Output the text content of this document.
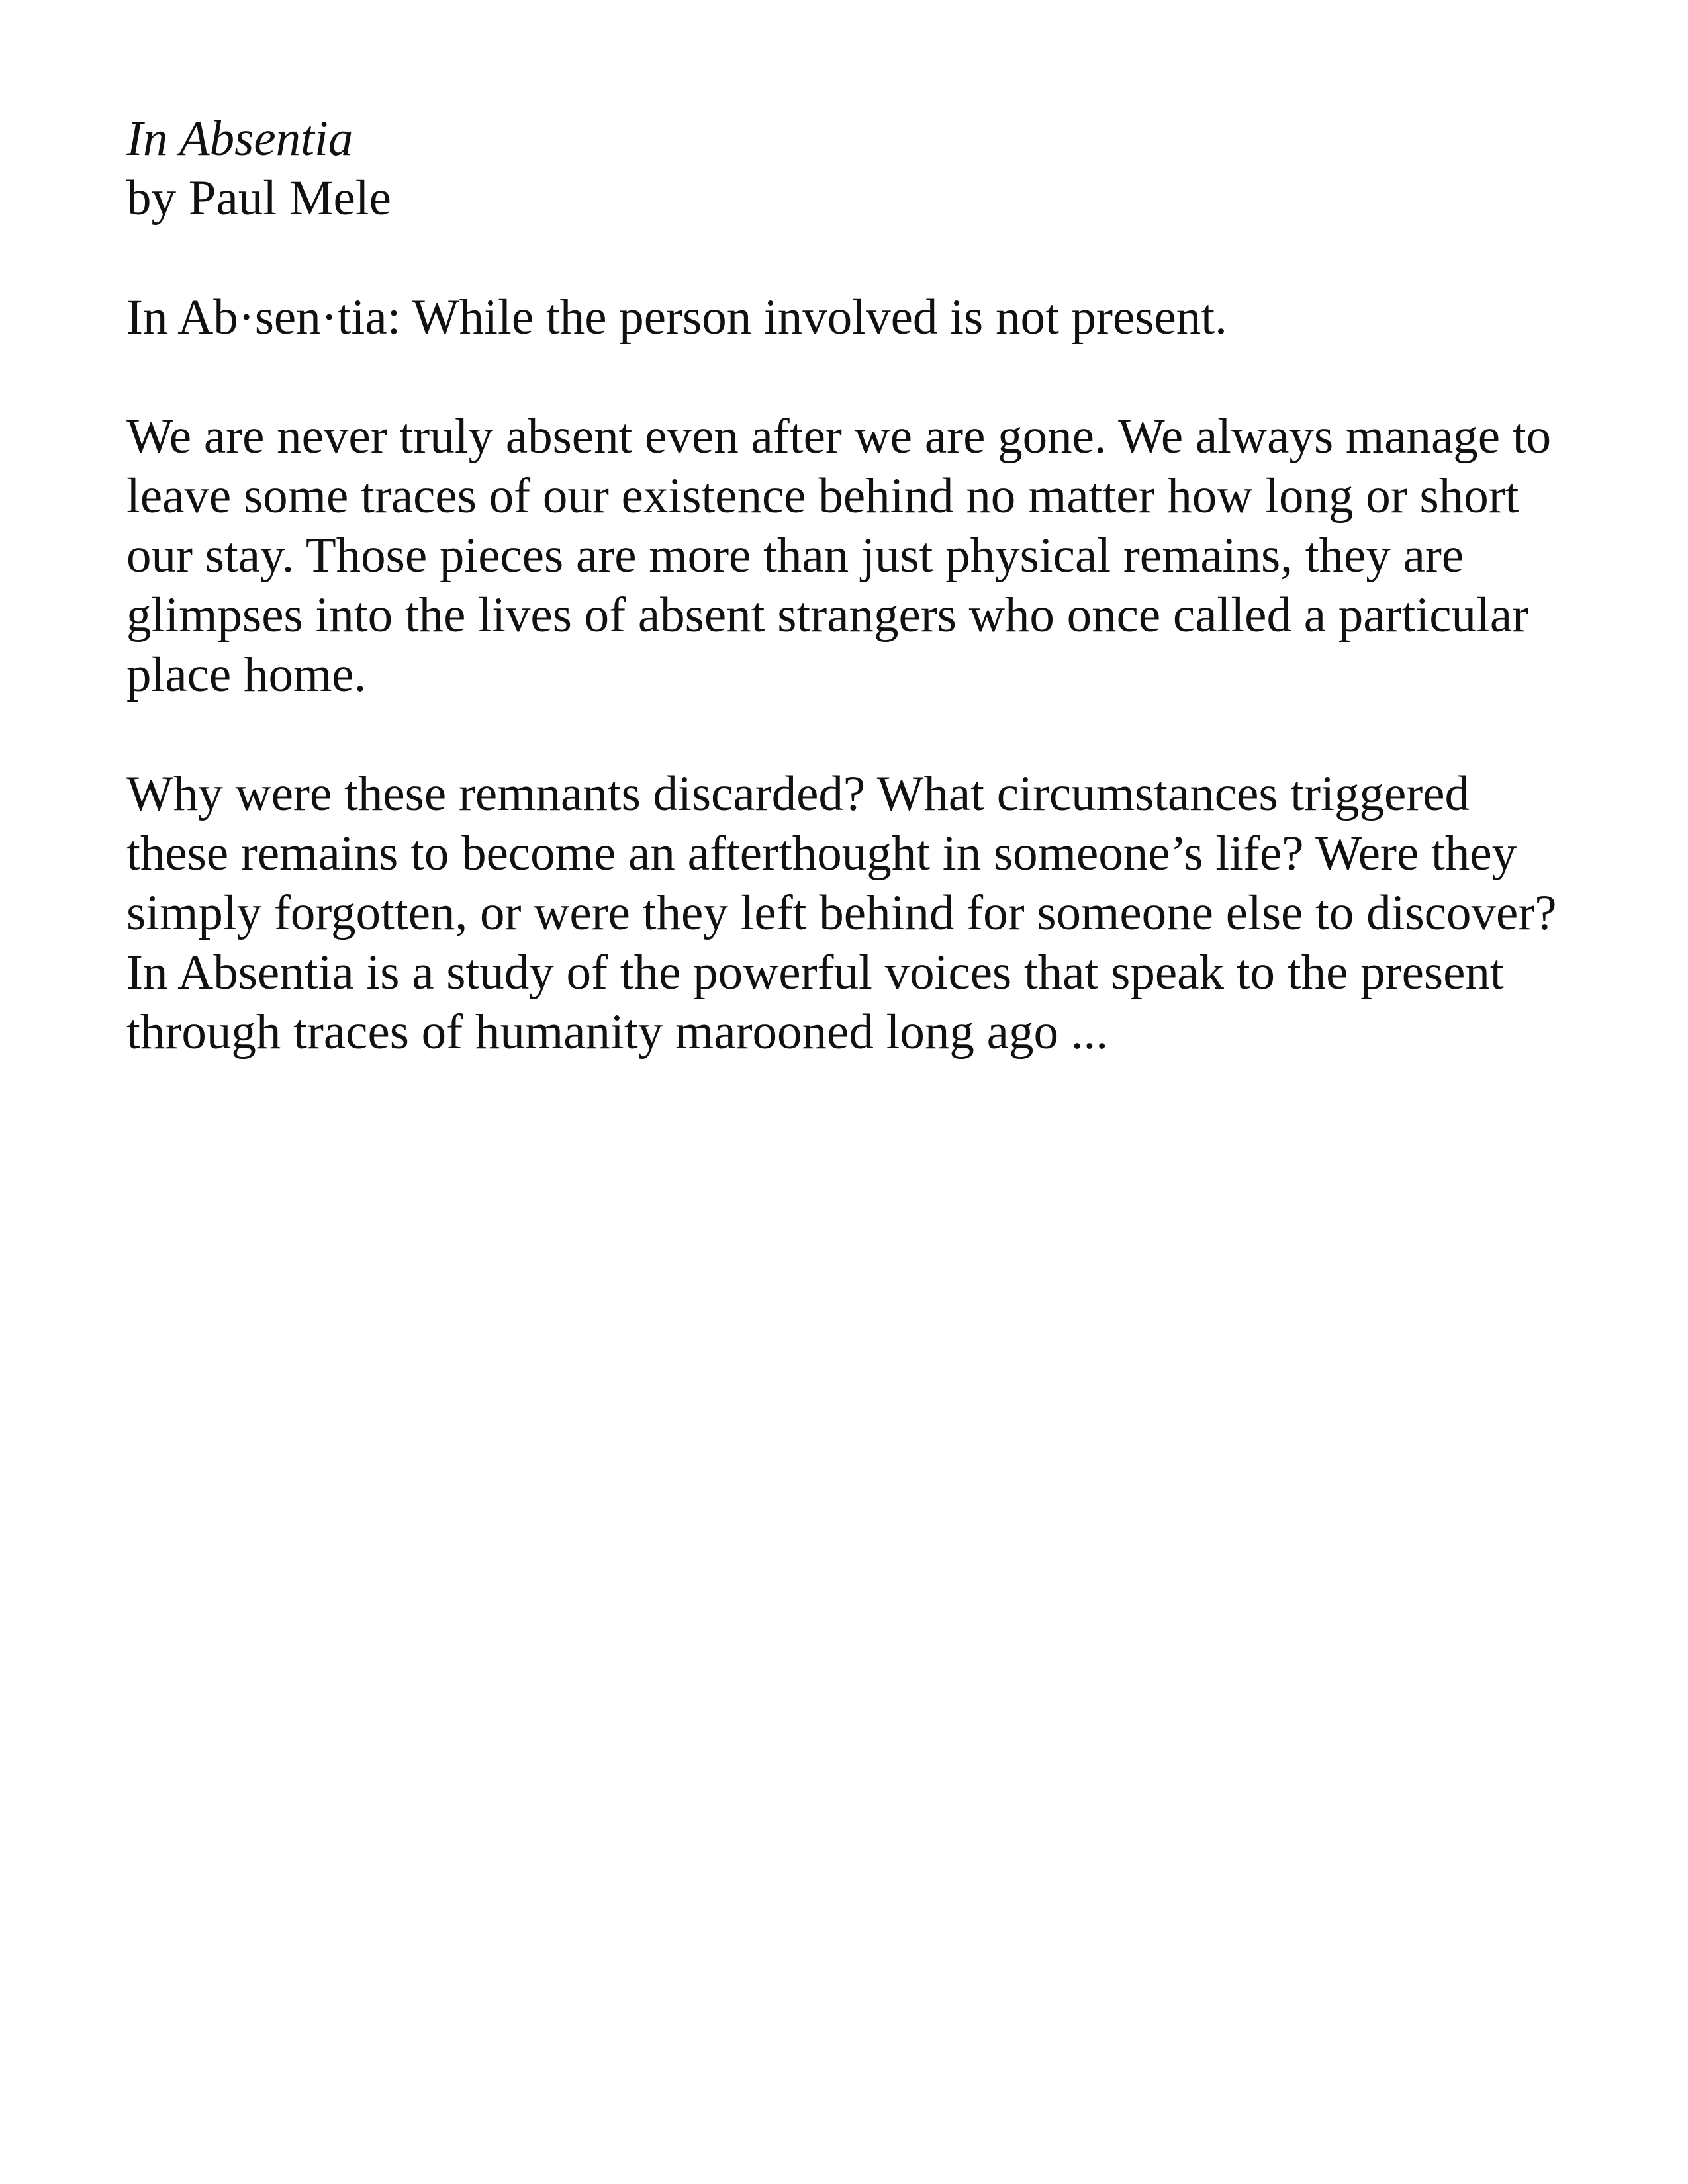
In Absentia

by Paul Mele

In Ab·sen·tia: While the person involved is not present.

We are never truly absent even after we are gone. We always manage to
leave some traces of our existence behind no matter how long or short
our stay. Those pieces are more than just physical remains, they are
glimpses into the lives of absent strangers who once called a particular
place home.

Why were these remnants discarded? What circumstances triggered
these remains to become an afterthought in someone’s life? Were they
simply forgotten, or were they left behind for someone else to discover?
In Absentia is a study of the powerful voices that speak to the present
through traces of humanity marooned long ago ...
